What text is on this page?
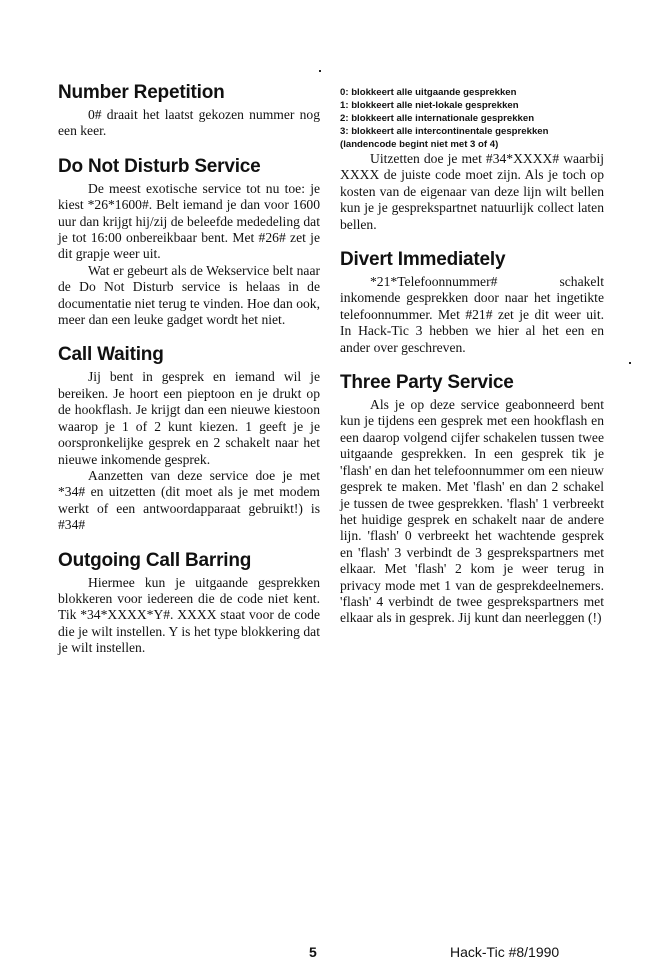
Number Repetition

0# draait het laatst gekozen nummer nog een keer.

Do Not Disturb Service

De meest exotische service tot nu toe: je kiest *26*1600#. Belt iemand je dan voor 1600 uur dan krijgt hij/zij de beleefde mededeling dat je tot 16:00 onbereikbaar bent. Met #26# zet je dit grapje weer uit.

Wat er gebeurt als de Wekservice belt naar de Do Not Disturb service is helaas in de documentatie niet terug te vinden. Hoe dan ook, meer dan een leuke gadget wordt het niet.

Call Waiting

Jij bent in gesprek en iemand wil je bereiken. Je hoort een pieptoon en je drukt op de hookflash. Je krijgt dan een nieuwe kiestoon waarop je 1 of 2 kunt kiezen. 1 geeft je je oorspronkelijke gesprek en 2 schakelt naar het nieuwe inkomende gesprek.

Aanzetten van deze service doe je met *34# en uitzetten (dit moet als je met modem werkt of een antwoordapparaat gebruikt!) is #34#

Outgoing Call Barring

Hiermee kun je uitgaande gesprekken blokkeren voor iedereen die de code niet kent. Tik *34*XXXX*Y#. XXXX staat voor de code die je wilt instellen. Y is het type blokkering dat je wilt instellen.

0: blokkeert alle uitgaande gesprekken
1: blokkeert alle niet-lokale gesprekken
2: blokkeert alle internationale gesprekken
3: blokkeert alle intercontinentale gesprekken (landencode begint niet met 3 of 4)

Uitzetten doe je met #34*XXXX# waarbij XXXX de juiste code moet zijn. Als je toch op kosten van de eigenaar van deze lijn wilt bellen kun je je gesprekspartnet natuurlijk collect laten bellen.

Divert Immediately

*21*Telefoonnummer# schakelt inkomende gesprekken door naar het ingetikte telefoonnummer. Met #21# zet je dit weer uit. In Hack-Tic 3 hebben we hier al het een en ander over geschreven.

Three Party Service

Als je op deze service geabonneerd bent kun je tijdens een gesprek met een hookflash en een daarop volgend cijfer schakelen tussen twee uitgaande gesprekken. In een gesprek tik je 'flash' en dan het telefoonnummer om een nieuw gesprek te maken. Met 'flash' en dan 2 schakel je tussen de twee gesprekken. 'flash' 1 verbreekt het huidige gesprek en schakelt naar de andere lijn. 'flash' 0 verbreekt het wachtende gesprek en 'flash' 3 verbindt de 3 gesprekspartners met elkaar. Met 'flash' 2 kom je weer terug in privacy mode met 1 van de gesprekdeelnemers. 'flash' 4 verbindt de twee gesprekspartners met elkaar als in gesprek. Jij kunt dan neerleggen (!)

5	Hack-Tic #8/1990
